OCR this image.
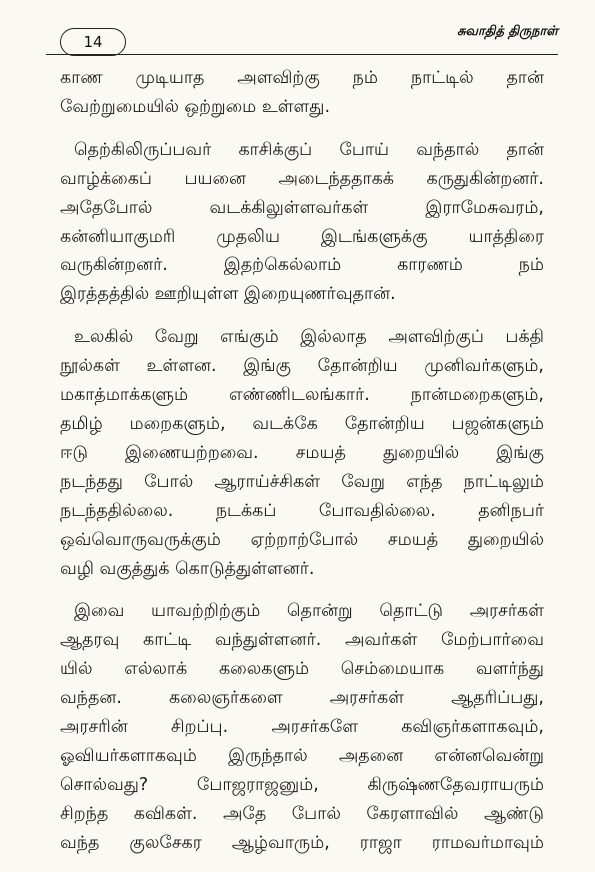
14
சுவாதித் திருநாள்

காண முடியாத அளவிற்கு நம் நாட்டில் தான்
வேற்றுமையில் ஒற்றுமை உள்ளது.

தெற்கிலிருப்பவர் காசிக்குப் போய் வந்தால் தான்
வாழ்க்கைப் பயனை அடைந்ததாகக் கருதுகின்றனர்.
அதேபோல் வடக்கிலுள்ளவர்கள் இராமேசுவரம்,
கன்னியாகுமரி முதலிய இடங்களுக்கு யாத்திரை
வருகின்றனர். இதற்கெல்லாம் காரணம் நம்
இரத்தத்தில் ஊறியுள்ள இறையுணர்வுதான்.

உலகில் வேறு எங்கும் இல்லாத அளவிற்குப் பக்தி
நூல்கள் உள்ளன. இங்கு தோன்றிய முனிவர்களும்,
மகாத்மாக்களும் எண்ணிடலங்கார். நான்மறைகளும்,
தமிழ் மறைகளும், வடக்கே தோன்றிய பஜன்களும்
ஈடு இணையற்றவை. சமயத் துறையில் இங்கு
நடந்தது போல் ஆராய்ச்சிகள் வேறு எந்த நாட்டிலும்
நடந்ததில்லை. நடக்கப் போவதில்லை. தனிநபர்
ஒவ்வொருவருக்கும் ஏற்றாற்போல் சமயத் துறையில்
வழி வகுத்துக் கொடுத்துள்ளனர்.

இவை யாவற்றிற்கும் தொன்று தொட்டு அரசர்கள்
ஆதரவு காட்டி வந்துள்ளனர். அவர்கள் மேற்பார்வை
யில் எல்லாக் கலைகளும் செம்மையாக வளர்ந்து
வந்தன. கலைஞர்களை அரசர்கள் ஆதரிப்பது,
அரசரின் சிறப்பு. அரசர்களே கவிஞர்களாகவும்,
ஓவியர்களாகவும் இருந்தால் அதனை என்னவென்று
சொல்வது? போஜராஜனும், கிருஷ்ணதேவராயரும்
சிறந்த கவிகள். அதே போல் கேரளாவில் ஆண்டு
வந்த குலசேகர ஆழ்வாரும், ராஜா ராமவர்மாவும்
